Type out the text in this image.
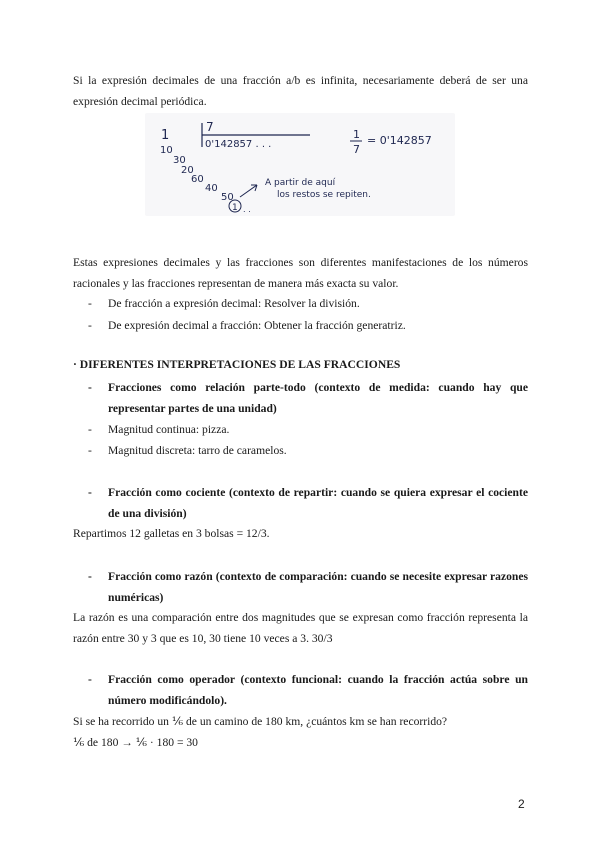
Si la expresión decimales de una fracción a/b es infinita, necesariamente deberá de ser una expresión decimal periódica.

1
7
0'142857 . . .
10
30
20
60
40
50
1 . .
A partir de aquí
los restos se repiten.
1
7
= 0'142857

Estas expresiones decimales y las fracciones son diferentes manifestaciones de los números racionales y las fracciones representan de manera más exacta su valor.

- De fracción a expresión decimal: Resolver la división.
- De expresión decimal a fracción: Obtener la fracción generatriz.

· DIFERENTES INTERPRETACIONES DE LAS FRACCIONES

- Fracciones como relación parte-todo (contexto de medida: cuando hay que representar partes de una unidad)
- Magnitud continua: pizza.
- Magnitud discreta: tarro de caramelos.
- Fracción como cociente (contexto de repartir: cuando se quiera expresar el cociente de una división)

Repartimos 12 galletas en 3 bolsas = 12/3.

- Fracción como razón (contexto de comparación: cuando se necesite expresar razones numéricas)

La razón es una comparación entre dos magnitudes que se expresan como fracción representa la razón entre 30 y 3 que es 10, 30 tiene 10 veces a 3. 30/3

- Fracción como operador (contexto funcional: cuando la fracción actúa sobre un número modificándolo).

Si se ha recorrido un ⅙ de un camino de 180 km, ¿cuántos km se han recorrido?

⅙ de 180 → ⅙ · 180 = 30

2
